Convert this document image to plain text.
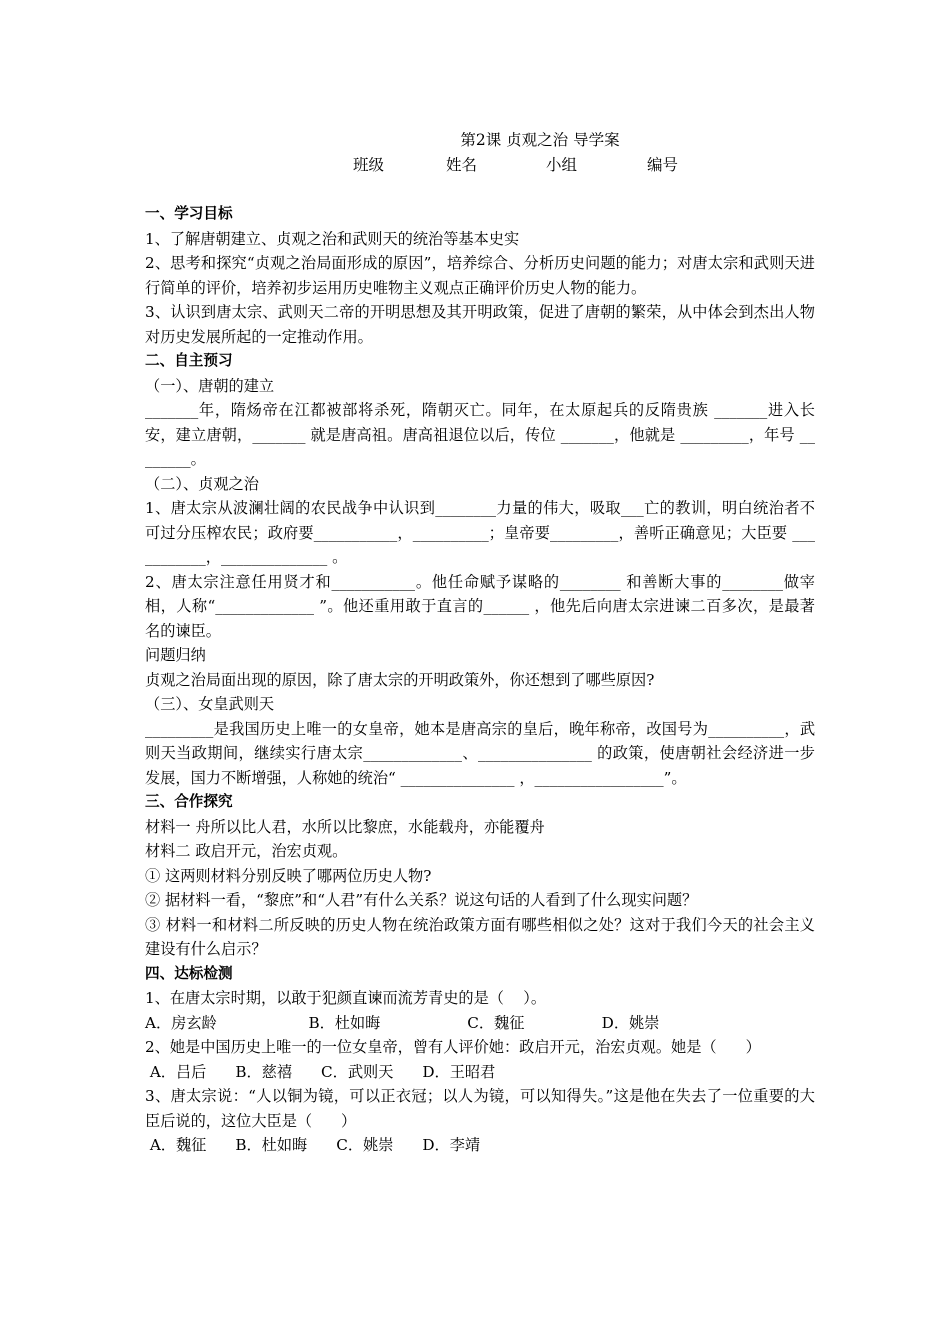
第2课 贞观之治 导学案
班级	姓名	小组	编号

一、学习目标

1、了解唐朝建立、贞观之治和武则天的统治等基本史实

2、思考和探究“贞观之治局面形成的原因”，培养综合、分析历史问题的能力；对唐太宗和武则天进行简单的评价，培养初步运用历史唯物主义观点正确评价历史人物的能力。

3、认识到唐太宗、武则天二帝的开明思想及其开明政策，促进了唐朝的繁荣，从中体会到杰出人物对历史发展所起的一定推动作用。

二、自主预习

（一）、唐朝的建立

_______年，隋炀帝在江都被部将杀死，隋朝灭亡。同年，在太原起兵的反隋贵族 _______进入长安，建立唐朝，_______ 就是唐高祖。唐高祖退位以后，传位 _______，他就是 _________，年号 ________。

（二）、贞观之治

1、唐太宗从波澜壮阔的农民战争中认识到________力量的伟大，吸取___亡的教训，明白统治者不可过分压榨农民；政府要___________，__________；皇帝要_________，善听正确意见；大臣要 ___________，______________ 。

2、唐太宗注意任用贤才和___________。他任命赋予谋略的________ 和善断大事的________做宰相，人称“_____________ ”。他还重用敢于直言的______ ，他先后向唐太宗进谏二百多次，是最著名的谏臣。

问题归纳

贞观之治局面出现的原因，除了唐太宗的开明政策外，你还想到了哪些原因?

（三）、女皇武则天

_________是我国历史上唯一的女皇帝，她本是唐高宗的皇后，晚年称帝，改国号为__________，武则天当政期间，继续实行唐太宗_____________、_______________ 的政策，使唐朝社会经济进一步发展，国力不断增强，人称她的统治“ _______________ ，_________________”。

三、合作探究

材料一 舟所以比人君，水所以比黎庶，水能载舟，亦能覆舟

材料二 政启开元，治宏贞观。

① 这两则材料分别反映了哪两位历史人物?

② 据材料一看，“黎庶”和“人君”有什么关系？说这句话的人看到了什么现实问题？

③ 材料一和材料二所反映的历史人物在统治政策方面有哪些相似之处？这对于我们今天的社会主义建设有什么启示？

四、达标检测

1、在唐太宗时期，以敢于犯颜直谏而流芳青史的是（    ）。

A．房玄龄                   B．杜如晦                  C．魏征                D．姚崇

2、她是中国历史上唯一的一位女皇帝，曾有人评价她：政启开元，治宏贞观。她是（      ）

A．吕后      B．慈禧      C．武则天      D．王昭君

3、唐太宗说：“人以铜为镜，可以正衣冠；以人为镜，可以知得失。”这是他在失去了一位重要的大臣后说的，这位大臣是（      ）

A．魏征      B．杜如晦      C．姚崇      D．李靖
